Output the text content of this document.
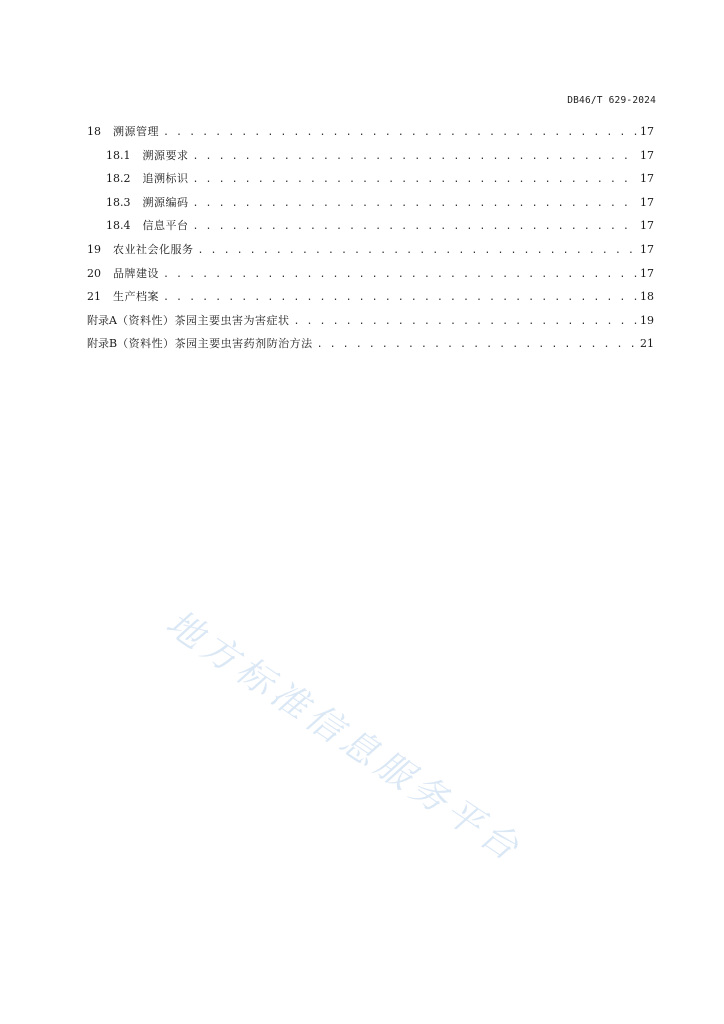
DB46/T 629-2024
18 溯源管理 . . .	17
18.1 溯源要求 . . .	17
18.2 追溯标识 . . .	17
18.3 溯源编码 . . .	17
18.4 信息平台 . . .	17
19 农业社会化服务 . . .	17
20 品牌建设 . . .	17
21 生产档案 . . .	18
附录A （资料性）茶园主要虫害为害症状 . . .	19
附录B （资料性）茶园主要虫害药剂防治方法 . . .	21
地方标准信息服务平台
